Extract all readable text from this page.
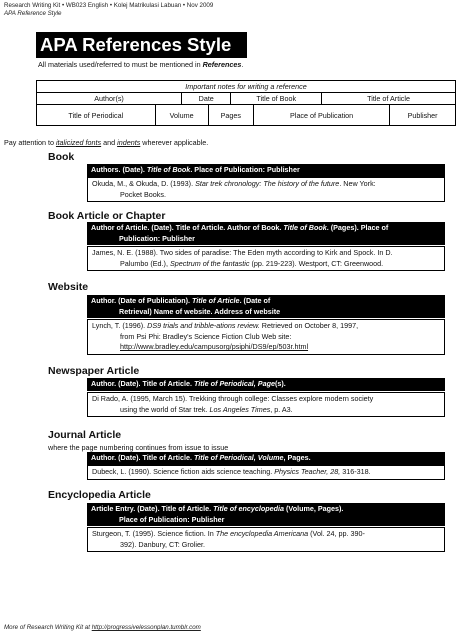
Research Writing Kit • WB023 English • Kolej Matrikulasi Labuan • Nov 2009
APA Reference Style
APA References Style
All materials used/referred to must be mentioned in References.
Important notes for writing a reference							
Author(s)		Date		Title of Book		Title of Article	
Title of Periodical	Volume		Pages		Place of Publication		Publisher
Pay attention to italicized fonts and indents wherever applicable.
Book
Authors. (Date). Title of Book. Place of Publication: Publisher
Okuda, M., & Okuda, D. (1993). Star trek chronology: The history of the future. New York:
Pocket Books.
Book Article or Chapter
Author of Article. (Date). Title of Article. Author of Book. Title of Book. (Pages). Place of
Publication: Publisher
James, N. E. (1988). Two sides of paradise: The Eden myth according to Kirk and Spock. In D.
Palumbo (Ed.), Spectrum of the fantastic (pp. 219-223). Westport, CT: Greenwood.
Website
Author. (Date of Publication). Title of Article. (Date of
Retrieval) Name of website. Address of website
Lynch, T. (1996). DS9 trials and tribble-ations review. Retrieved on October 8, 1997,
from Psi Phi: Bradley's Science Fiction Club Web site:
http://www.bradley.edu/campusorg/psiphi/DS9/ep/503r.html
Newspaper Article
Author. (Date). Title of Article. Title of Periodical, Page(s).
Di Rado, A. (1995, March 15). Trekking through college: Classes explore modern society
using the world of Star trek. Los Angeles Times, p. A3.
Journal Article
where the page numbering continues from issue to issue
Author. (Date). Title of Article. Title of Periodical, Volume, Pages.
Dubeck, L. (1990). Science fiction aids science teaching. Physics Teacher, 28, 316-318.
Encyclopedia Article
Article Entry. (Date). Title of Article. Title of encyclopedia (Volume, Pages).
Place of Publication: Publisher
Sturgeon, T. (1995). Science fiction. In The encyclopedia Americana (Vol. 24, pp. 390-
392). Danbury, CT: Grolier.
More of Research Writing Kit at http://progressivelessonplan.tumblr.com
